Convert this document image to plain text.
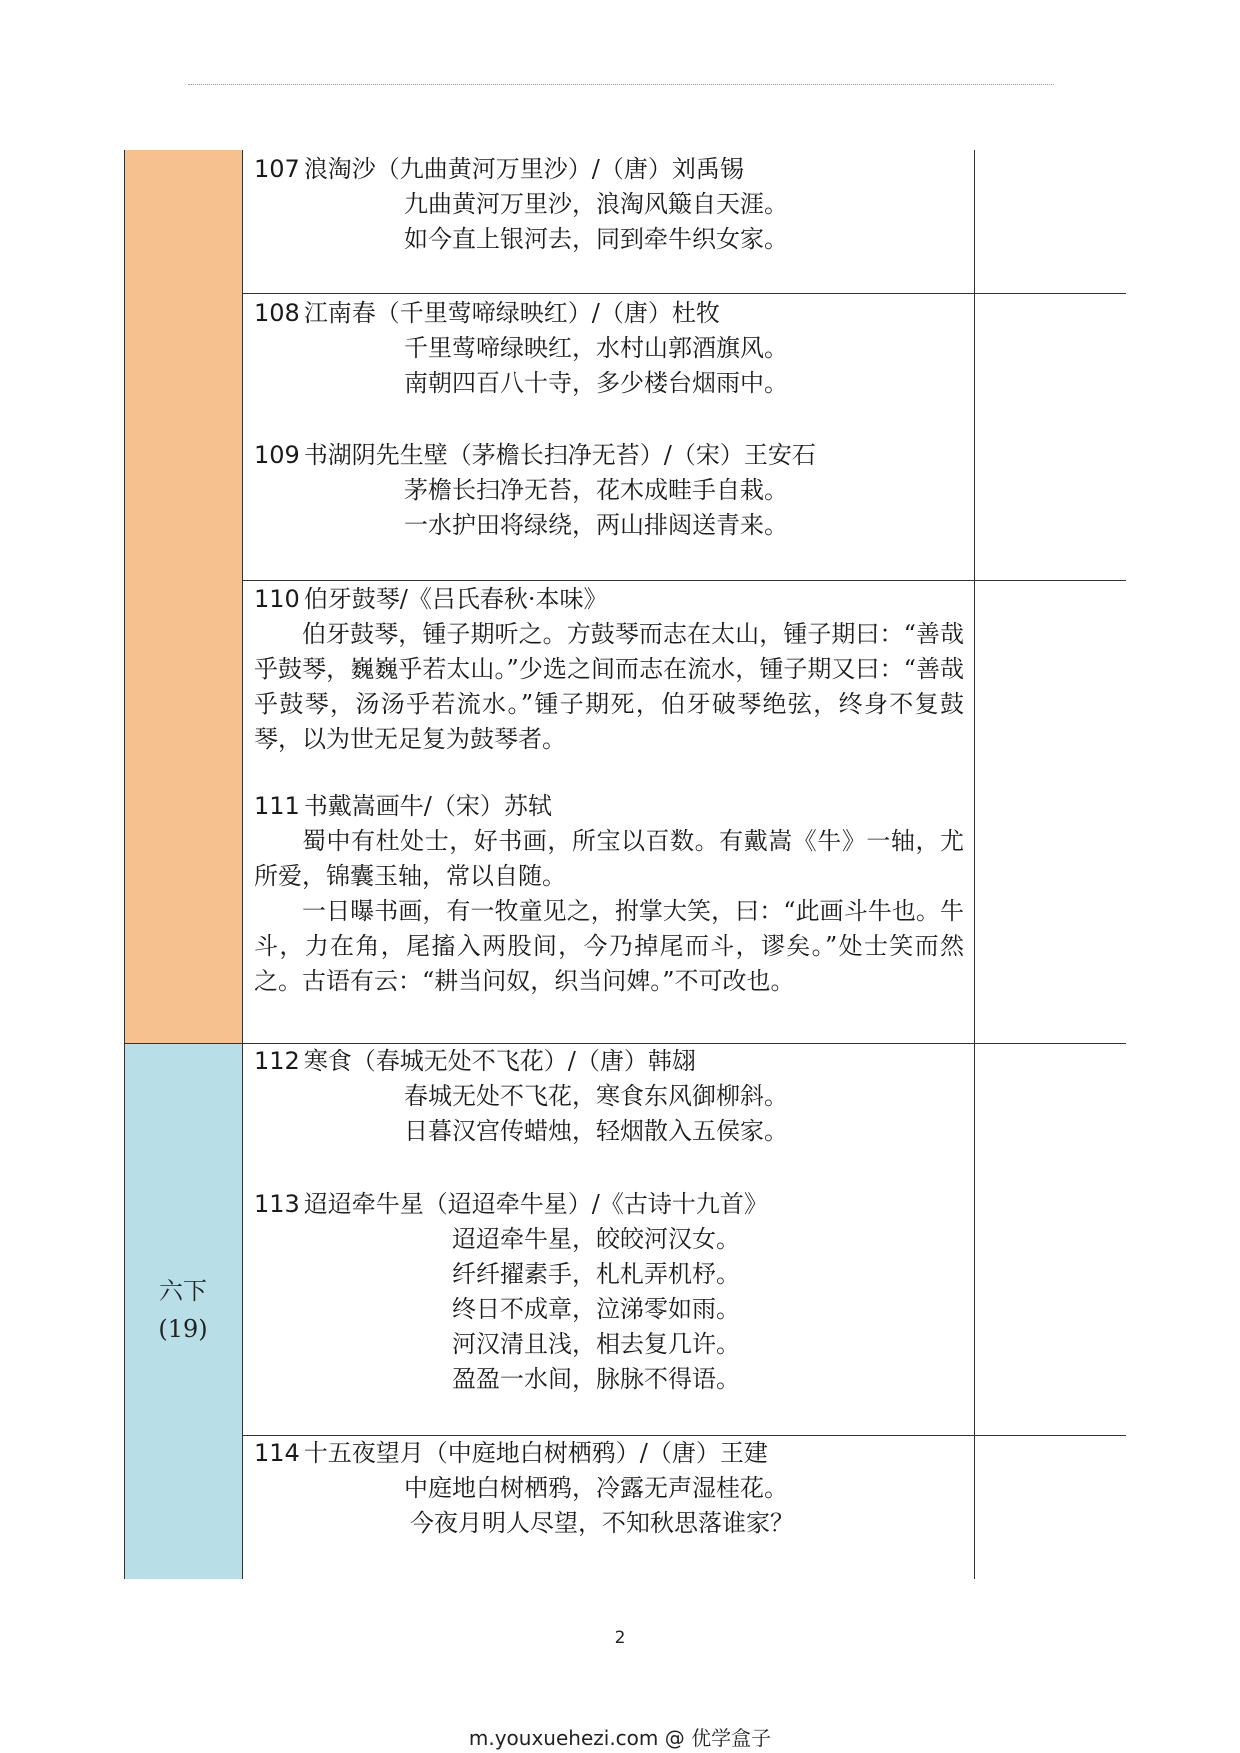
六下
(19)
107 浪淘沙（九曲黄河万里沙）/（唐）刘禹锡
九曲黄河万里沙，浪淘风簸自天涯。
如今直上银河去，同到牵牛织女家。
108 江南春（千里莺啼绿映红）/（唐）杜牧
千里莺啼绿映红，水村山郭酒旗风。
南朝四百八十寺，多少楼台烟雨中。
109 书湖阴先生壁（茅檐长扫净无苔）/（宋）王安石
茅檐长扫净无苔，花木成畦手自栽。
一水护田将绿绕，两山排闼送青来。
110 伯牙鼓琴/《吕氏春秋·本味》

伯牙鼓琴，锺子期听之。方鼓琴而志在太山，锺子期曰：“善哉乎鼓琴，巍巍乎若太山。”少选之间而志在流水，锺子期又曰：“善哉乎鼓琴，汤汤乎若流水。”锺子期死，伯牙破琴绝弦，终身不复鼓琴，以为世无足复为鼓琴者。

111 书戴嵩画牛/（宋）苏轼

蜀中有杜处士，好书画，所宝以百数。有戴嵩《牛》一轴，尤所爱，锦囊玉轴，常以自随。

一日曝书画，有一牧童见之，拊掌大笑，曰：“此画斗牛也。牛斗，力在角，尾搐入两股间，今乃掉尾而斗，谬矣。”处士笑而然之。古语有云：“耕当问奴，织当问婢。”不可改也。

112 寒食（春城无处不飞花）/（唐）韩翃
春城无处不飞花，寒食东风御柳斜。
日暮汉宫传蜡烛，轻烟散入五侯家。
113 迢迢牵牛星（迢迢牵牛星）/《古诗十九首》
迢迢牵牛星，皎皎河汉女。
纤纤擢素手，札札弄机杼。
终日不成章，泣涕零如雨。
河汉清且浅，相去复几许。
盈盈一水间，脉脉不得语。
114 十五夜望月（中庭地白树栖鸦）/（唐）王建
中庭地白树栖鸦，冷露无声湿桂花。
今夜月明人尽望，不知秋思落谁家？
2
m.youxuehezi.com @ 优学盒子
